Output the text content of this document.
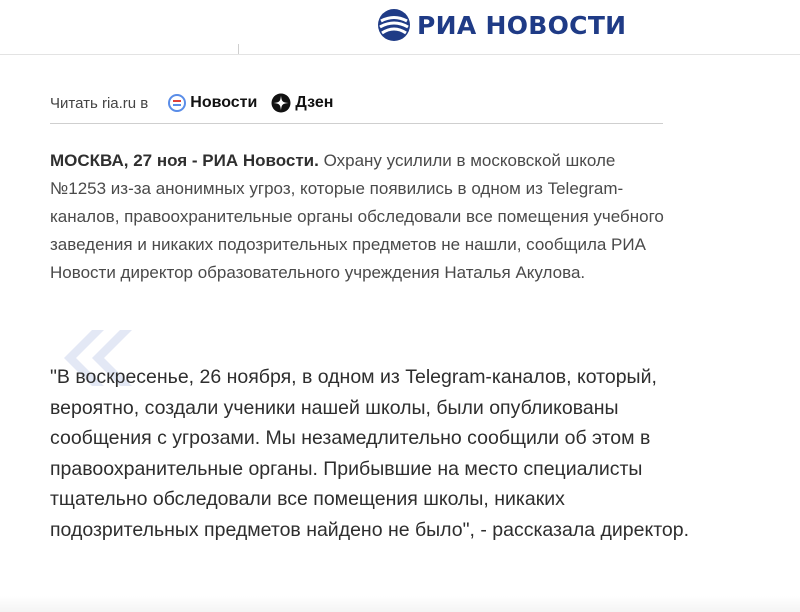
РИА НОВОСТИ
Читать ria.ru в	Новости Дзен

МОСКВА, 27 ноя - РИА Новости. Охрану усилили в московской школе №1253 из-за анонимных угроз, которые появились в одном из Telegram-каналов, правоохранительные органы обследовали все помещения учебного заведения и никаких подозрительных предметов не нашли, сообщила РИА Новости директор образовательного учреждения Наталья Акулова.

"В воскресенье, 26 ноября, в одном из Telegram-каналов, который, вероятно, создали ученики нашей школы, были опубликованы сообщения с угрозами. Мы незамедлительно сообщили об этом в правоохранительные органы. Прибывшие на место специалисты тщательно обследовали все помещения школы, никаких подозрительных предметов найдено не было", - рассказала директор.
